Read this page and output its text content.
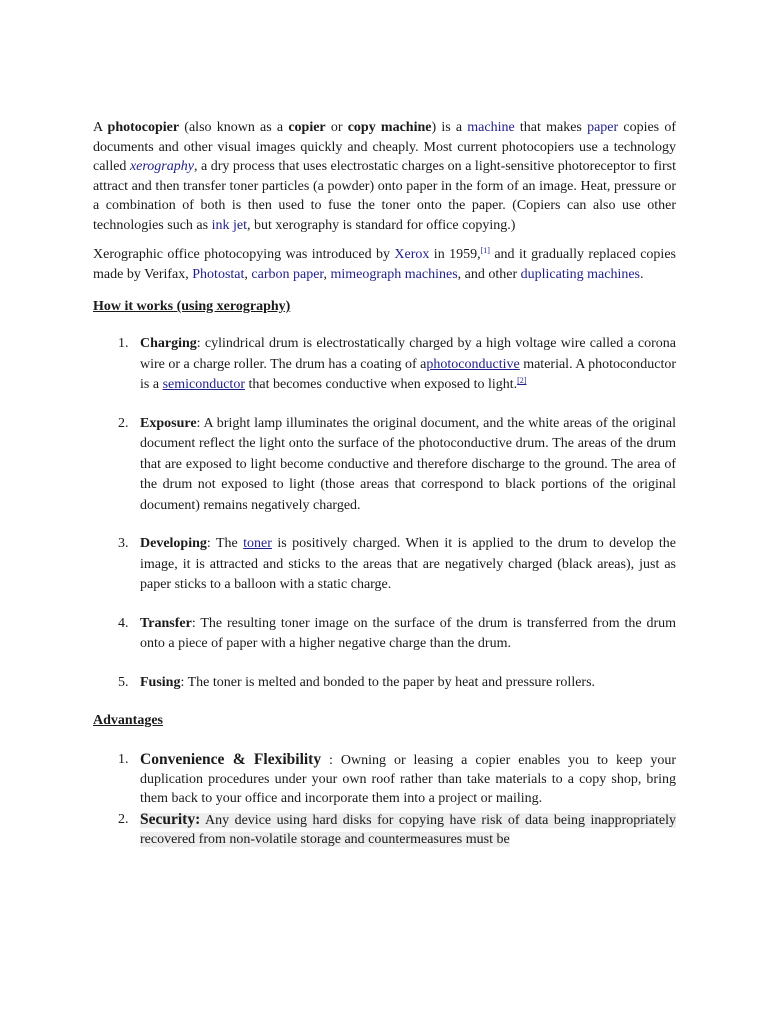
A photocopier (also known as a copier or copy machine) is a machine that makes paper copies of documents and other visual images quickly and cheaply. Most current photocopiers use a technology called xerography, a dry process that uses electrostatic charges on a light-sensitive photoreceptor to first attract and then transfer toner particles (a powder) onto paper in the form of an image. Heat, pressure or a combination of both is then used to fuse the toner onto the paper. (Copiers can also use other technologies such as ink jet, but xerography is standard for office copying.)

Xerographic office photocopying was introduced by Xerox in 1959,[1] and it gradually replaced copies made by Verifax, Photostat, carbon paper, mimeograph machines, and other duplicating machines.

How it works (using xerography)
1. Charging: cylindrical drum is electrostatically charged by a high voltage wire called a corona wire or a charge roller. The drum has a coating of aphotoconductive material. A photoconductor is a semiconductor that becomes conductive when exposed to light.[2]
2. Exposure: A bright lamp illuminates the original document, and the white areas of the original document reflect the light onto the surface of the photoconductive drum. The areas of the drum that are exposed to light become conductive and therefore discharge to the ground. The area of the drum not exposed to light (those areas that correspond to black portions of the original document) remains negatively charged.
3. Developing: The toner is positively charged. When it is applied to the drum to develop the image, it is attracted and sticks to the areas that are negatively charged (black areas), just as paper sticks to a balloon with a static charge.
4. Transfer: The resulting toner image on the surface of the drum is transferred from the drum onto a piece of paper with a higher negative charge than the drum.
5. Fusing: The toner is melted and bonded to the paper by heat and pressure rollers.
Advantages
1. Convenience & Flexibility : Owning or leasing a copier enables you to keep your duplication procedures under your own roof rather than take materials to a copy shop, bring them back to your office and incorporate them into a project or mailing.
2. Security: Any device using hard disks for copying have risk of data being inappropriately recovered from non-volatile storage and countermeasures must be
